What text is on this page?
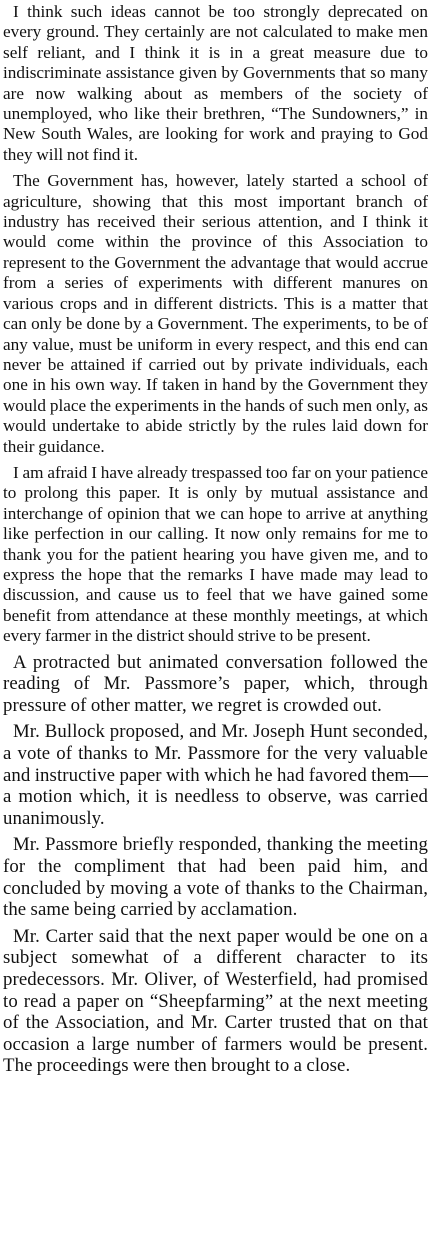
I think such ideas cannot be too strongly deprecated on every ground. They certainly are not calculated to make men self reliant, and I think it is in a great measure due to indiscriminate assistance given by Governments that so many are now walking about as members of the society of unemployed, who like their brethren, “The Sundowners,” in New South Wales, are looking for work and praying to God they will not find it.

The Government has, however, lately started a school of agriculture, showing that this most important branch of industry has received their serious attention, and I think it would come within the province of this Association to represent to the Government the advantage that would accrue from a series of experiments with different manures on various crops and in different districts. This is a matter that can only be done by a Government. The experiments, to be of any value, must be uniform in every respect, and this end can never be attained if carried out by private individuals, each one in his own way. If taken in hand by the Government they would place the experiments in the hands of such men only, as would undertake to abide strictly by the rules laid down for their guidance.

I am afraid I have already trespassed too far on your patience to prolong this paper. It is only by mutual assistance and interchange of opinion that we can hope to arrive at anything like perfection in our calling. It now only remains for me to thank you for the patient hearing you have given me, and to express the hope that the remarks I have made may lead to discussion, and cause us to feel that we have gained some benefit from attendance at these monthly meetings, at which every farmer in the district should strive to be present.

A protracted but animated conversation followed the reading of Mr. Passmore’s paper, which, through pressure of other matter, we regret is crowded out.

Mr. Bullock proposed, and Mr. Joseph Hunt seconded, a vote of thanks to Mr. Passmore for the very valuable and instructive paper with which he had favored them—a motion which, it is needless to observe, was carried unanimously.

Mr. Passmore briefly responded, thanking the meeting for the compliment that had been paid him, and concluded by moving a vote of thanks to the Chairman, the same being carried by acclamation.

Mr. Carter said that the next paper would be one on a subject somewhat of a different character to its predecessors. Mr. Oliver, of Westerfield, had promised to read a paper on “Sheepfarming” at the next meeting of the Association, and Mr. Carter trusted that on that occasion a large number of farmers would be present. The proceedings were then brought to a close.
